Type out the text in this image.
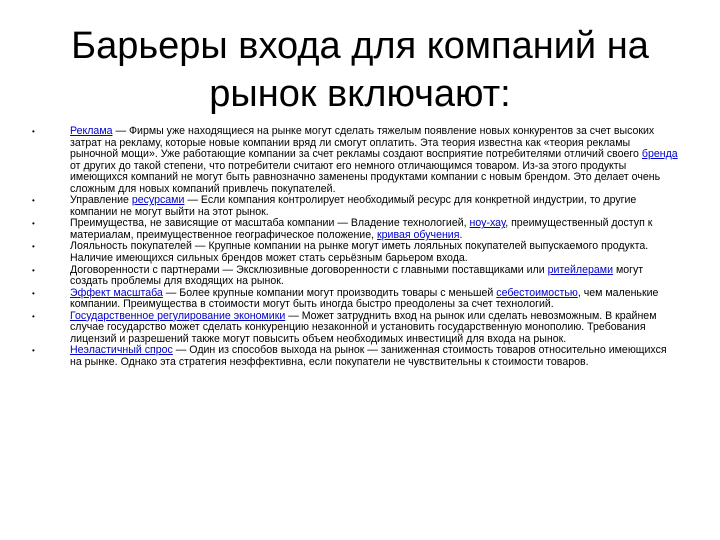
Барьеры входа для компаний на
рынок включают:
•	Реклама — Фирмы уже находящиеся на рынке могут сделать тяжелым появление новых конкурентов за счет высоких затрат на рекламу, которые новые компании вряд ли смогут оплатить. Эта теория известна как «теория рекламы рыночной мощи». Уже работающие компании за счет рекламы создают восприятие потребителями отличий своего бренда от других до такой степени, что потребители считают его немного отличающимся товаром. Из-за этого продукты имеющихся компаний не могут быть равнозначно заменены продуктами компании с новым брендом. Это делает очень сложным для новых компаний привлечь покупателей.
•	Управление ресурсами — Если компания контролирует необходимый ресурс для конкретной индустрии, то другие компании не могут выйти на этот рынок.
•	Преимущества, не зависящие от масштаба компании — Владение технологией, ноу-хау, преимущественный доступ к материалам, преимущественное географическое положение, кривая обучения.
•	Лояльность покупателей — Крупные компании на рынке могут иметь лояльных покупателей выпускаемого продукта. Наличие имеющихся сильных брендов может стать серьёзным барьером входа.
•	Договоренности с партнерами — Эксклюзивные договоренности с главными поставщиками или ритейлерами могут создать проблемы для входящих на рынок.
•	Эффект масштаба — Более крупные компании могут производить товары с меньшей себестоимостью, чем маленькие компании. Преимущества в стоимости могут быть иногда быстро преодолены за счет технологий.
•	Государственное регулирование экономики — Может затруднить вход на рынок или сделать невозможным. В крайнем случае государство может сделать конкуренцию незаконной и установить государственную монополию. Требования лицензий и разрешений также могут повысить объем необходимых инвестиций для входа на рынок.
•	Неэластичный спрос — Один из способов выхода на рынок — заниженная стоимость товаров относительно имеющихся на рынке. Однако эта стратегия неэффективна, если покупатели не чувствительны к стоимости товаров.
